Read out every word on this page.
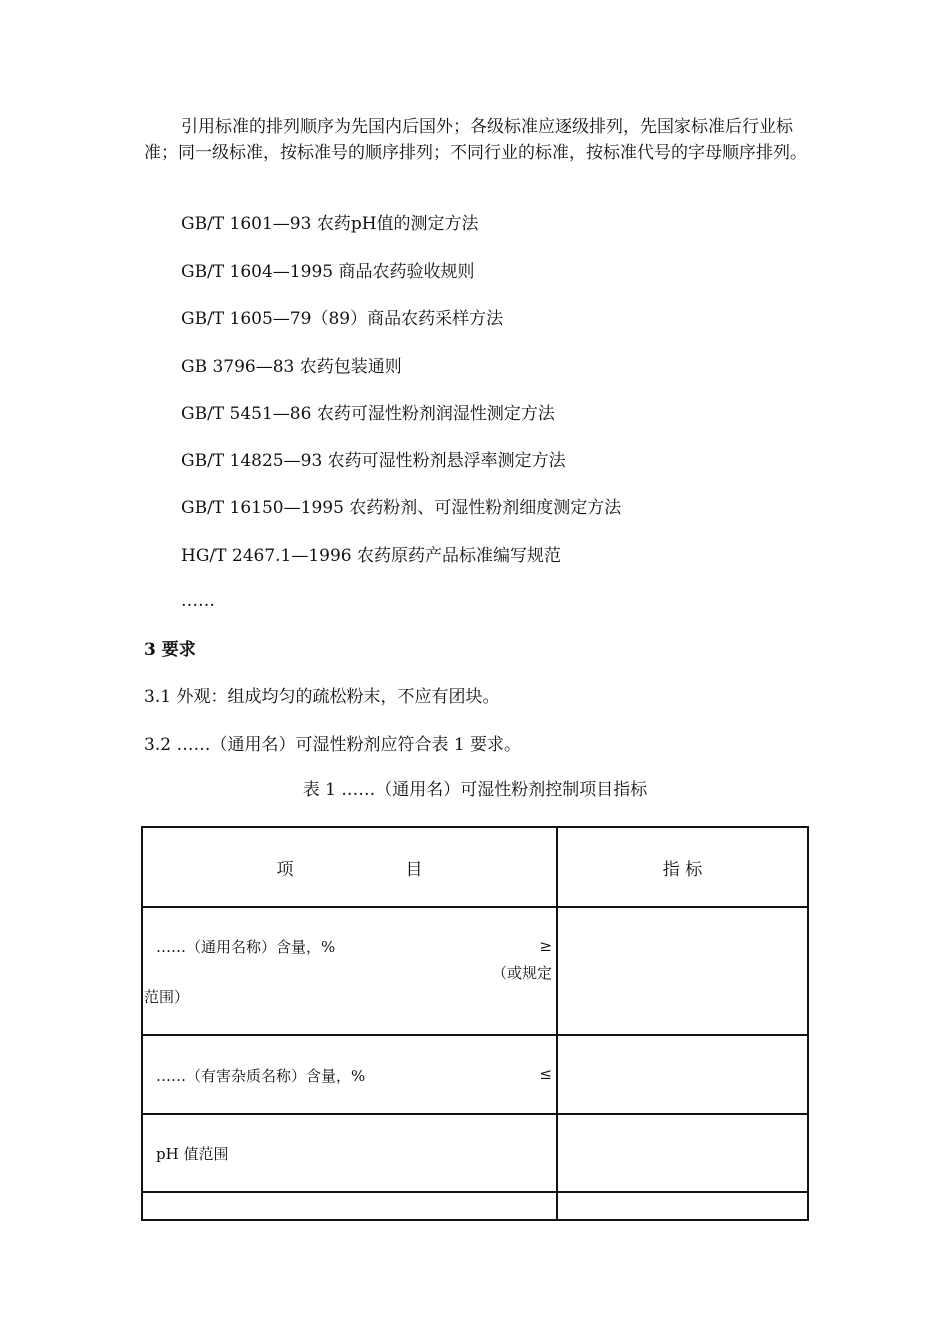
引用标准的排列顺序为先国内后国外；各级标准应逐级排列，先国家标准后行业标准；同一级标准，按标准号的顺序排列；不同行业的标准，按标准代号的字母顺序排列。

GB/T 1601—93 农药pH值的测定方法
GB/T 1604—1995 商品农药验收规则
GB/T 1605—79（89）商品农药采样方法
GB 3796—83 农药包装通则
GB/T 5451—86 农药可湿性粉剂润湿性测定方法
GB/T 14825—93 农药可湿性粉剂悬浮率测定方法
GB/T 16150—1995 农药粉剂、可湿性粉剂细度测定方法
HG/T 2467.1—1996 农药原药产品标准编写规范
……
3 要求
3.1 外观：组成均匀的疏松粉末，不应有团块。
3.2 ……（通用名）可湿性粉剂应符合表 1 要求。
表 1 ……（通用名）可湿性粉剂控制项目指标
项 目	指 标

……（通用名称）含量，% ≥
（或规定
范围）	

……（有害杂质名称）含量，% ≤	

pH 值范围	
